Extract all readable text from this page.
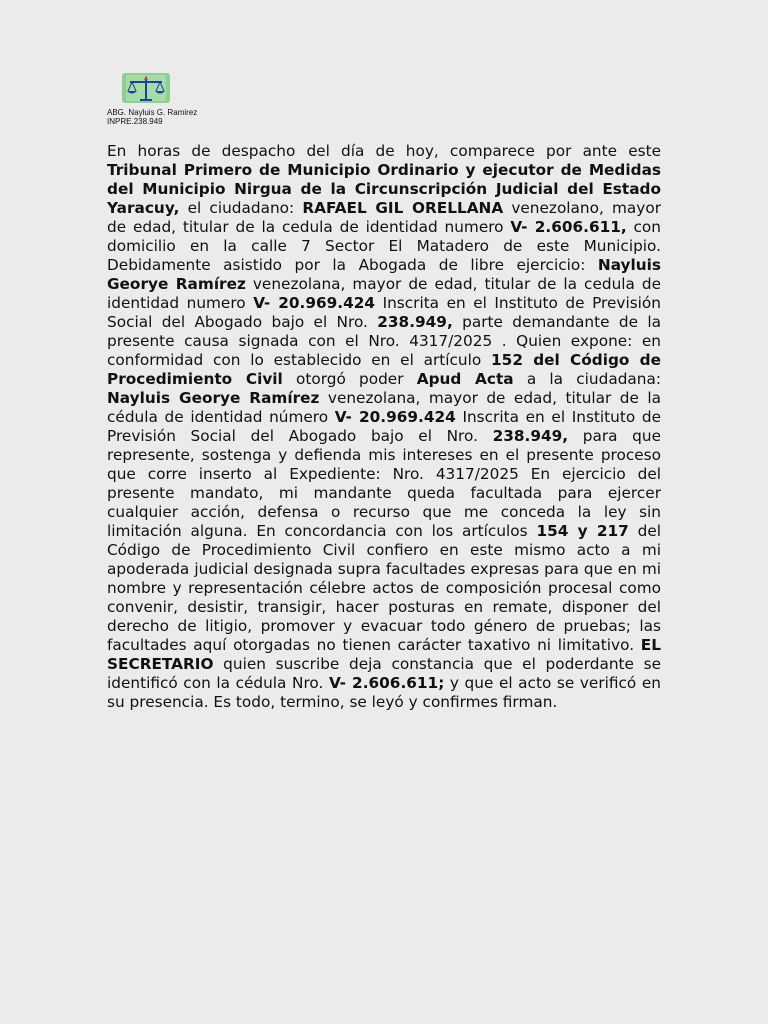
ABG. Nayluis G. Ramirez
INPRE.238.949

En horas de despacho del día de hoy, comparece por ante este Tribunal Primero de Municipio Ordinario y ejecutor de Medidas del Municipio Nirgua de la Circunscripción Judicial del Estado Yaracuy, el ciudadano: RAFAEL GIL ORELLANA venezolano, mayor de edad, titular de la cedula de identidad numero V- 2.606.611, con domicilio en la calle 7 Sector El Matadero de este Municipio. Debidamente asistido por la Abogada de libre ejercicio: Nayluis Georye Ramírez venezolana, mayor de edad, titular de la cedula de identidad numero V- 20.969.424 Inscrita en el Instituto de Previsión Social del Abogado bajo el Nro. 238.949, parte demandante de la presente causa signada con el Nro. 4317/2025 . Quien expone: en conformidad con lo establecido en el artículo 152 del Código de Procedimiento Civil otorgó poder Apud Acta a la ciudadana: Nayluis Georye Ramírez venezolana, mayor de edad, titular de la cédula de identidad número V- 20.969.424 Inscrita en el Instituto de Previsión Social del Abogado bajo el Nro. 238.949, para que represente, sostenga y defienda mis intereses en el presente proceso que corre inserto al Expediente: Nro. 4317/2025 En ejercicio del presente mandato, mi mandante queda facultada para ejercer cualquier acción, defensa o recurso que me conceda la ley sin limitación alguna. En concordancia con los artículos 154 y 217 del Código de Procedimiento Civil confiero en este mismo acto a mi apoderada judicial designada supra facultades expresas para que en mi nombre y representación célebre actos de composición procesal como convenir, desistir, transigir, hacer posturas en remate, disponer del derecho de litigio, promover y evacuar todo género de pruebas; las facultades aquí otorgadas no tienen carácter taxativo ni limitativo. EL SECRETARIO quien suscribe deja constancia que el poderdante se identificó con la cédula Nro. V- 2.606.611; y que el acto se verificó en su presencia. Es todo, termino, se leyó y confirmes firman.
